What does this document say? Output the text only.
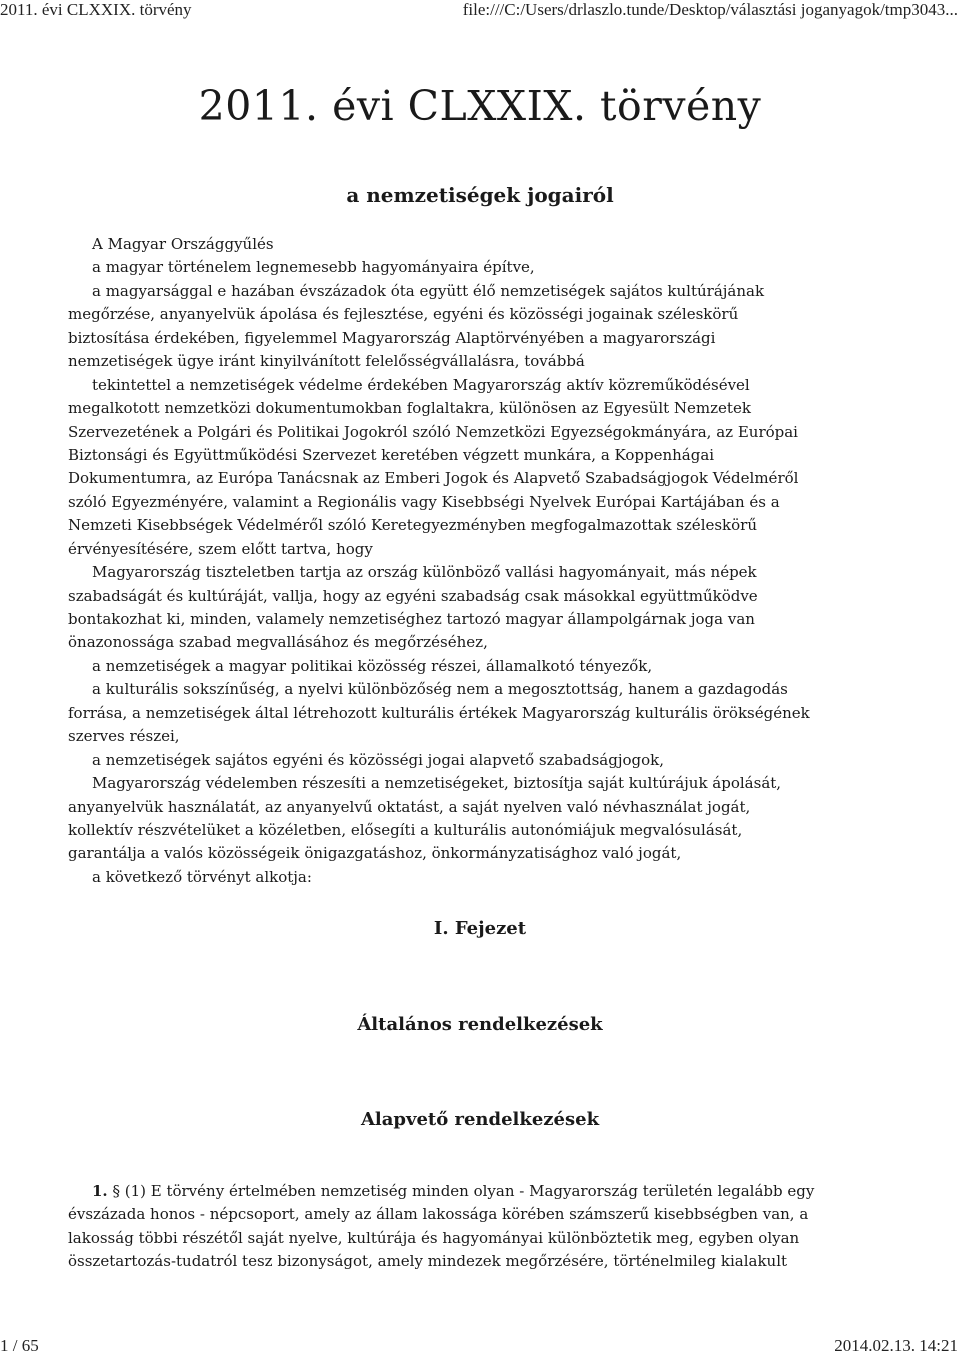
2011. évi CLXXIX. törvény	file:///C:/Users/drlaszlo.tunde/Desktop/választási joganyagok/tmp3043...
2011. évi CLXXIX. törvény
a nemzetiségek jogairól
A Magyar Országgyűlés
a magyar történelem legnemesebb hagyományaira építve,
a magyarsággal e hazában évszázadok óta együtt élő nemzetiségek sajátos kultúrájának
megőrzése, anyanyelvük ápolása és fejlesztése, egyéni és közösségi jogainak széleskörű
biztosítása érdekében, figyelemmel Magyarország Alaptörvényében a magyarországi
nemzetiségek ügye iránt kinyilvánított felelősségvállalásra, továbbá
tekintettel a nemzetiségek védelme érdekében Magyarország aktív közreműködésével
megalkotott nemzetközi dokumentumokban foglaltakra, különösen az Egyesült Nemzetek
Szervezetének a Polgári és Politikai Jogokról szóló Nemzetközi Egyezségokmányára, az Európai
Biztonsági és Együttműködési Szervezet keretében végzett munkára, a Koppenhágai
Dokumentumra, az Európa Tanácsnak az Emberi Jogok és Alapvető Szabadságjogok Védelméről
szóló Egyezményére, valamint a Regionális vagy Kisebbségi Nyelvek Európai Kartájában és a
Nemzeti Kisebbségek Védelméről szóló Keretegyezményben megfogalmazottak széleskörű
érvényesítésére, szem előtt tartva, hogy
Magyarország tiszteletben tartja az ország különböző vallási hagyományait, más népek
szabadságát és kultúráját, vallja, hogy az egyéni szabadság csak másokkal együttműködve
bontakozhat ki, minden, valamely nemzetiséghez tartozó magyar állampolgárnak joga van
önazonossága szabad megvallásához és megőrzéséhez,
a nemzetiségek a magyar politikai közösség részei, államalkotó tényezők,
a kulturális sokszínűség, a nyelvi különbözőség nem a megosztottság, hanem a gazdagodás
forrása, a nemzetiségek által létrehozott kulturális értékek Magyarország kulturális örökségének
szerves részei,
a nemzetiségek sajátos egyéni és közösségi jogai alapvető szabadságjogok,
Magyarország védelemben részesíti a nemzetiségeket, biztosítja saját kultúrájuk ápolását,
anyanyelvük használatát, az anyanyelvű oktatást, a saját nyelven való névhasználat jogát,
kollektív részvételüket a közéletben, elősegíti a kulturális autonómiájuk megvalósulását,
garantálja a valós közösségeik önigazgatáshoz, önkormányzatisághoz való jogát,
a következő törvényt alkotja:
I. Fejezet
Általános rendelkezések
Alapvető rendelkezések
1. § (1) E törvény értelmében nemzetiség minden olyan - Magyarország területén legalább egy
évszázada honos - népcsoport, amely az állam lakossága körében számszerű kisebbségben van, a
lakosság többi részétől saját nyelve, kultúrája és hagyományai különböztetik meg, egyben olyan
összetartozás-tudatról tesz bizonyságot, amely mindezek megőrzésére, történelmileg kialakult
1 / 65	2014.02.13. 14:21
